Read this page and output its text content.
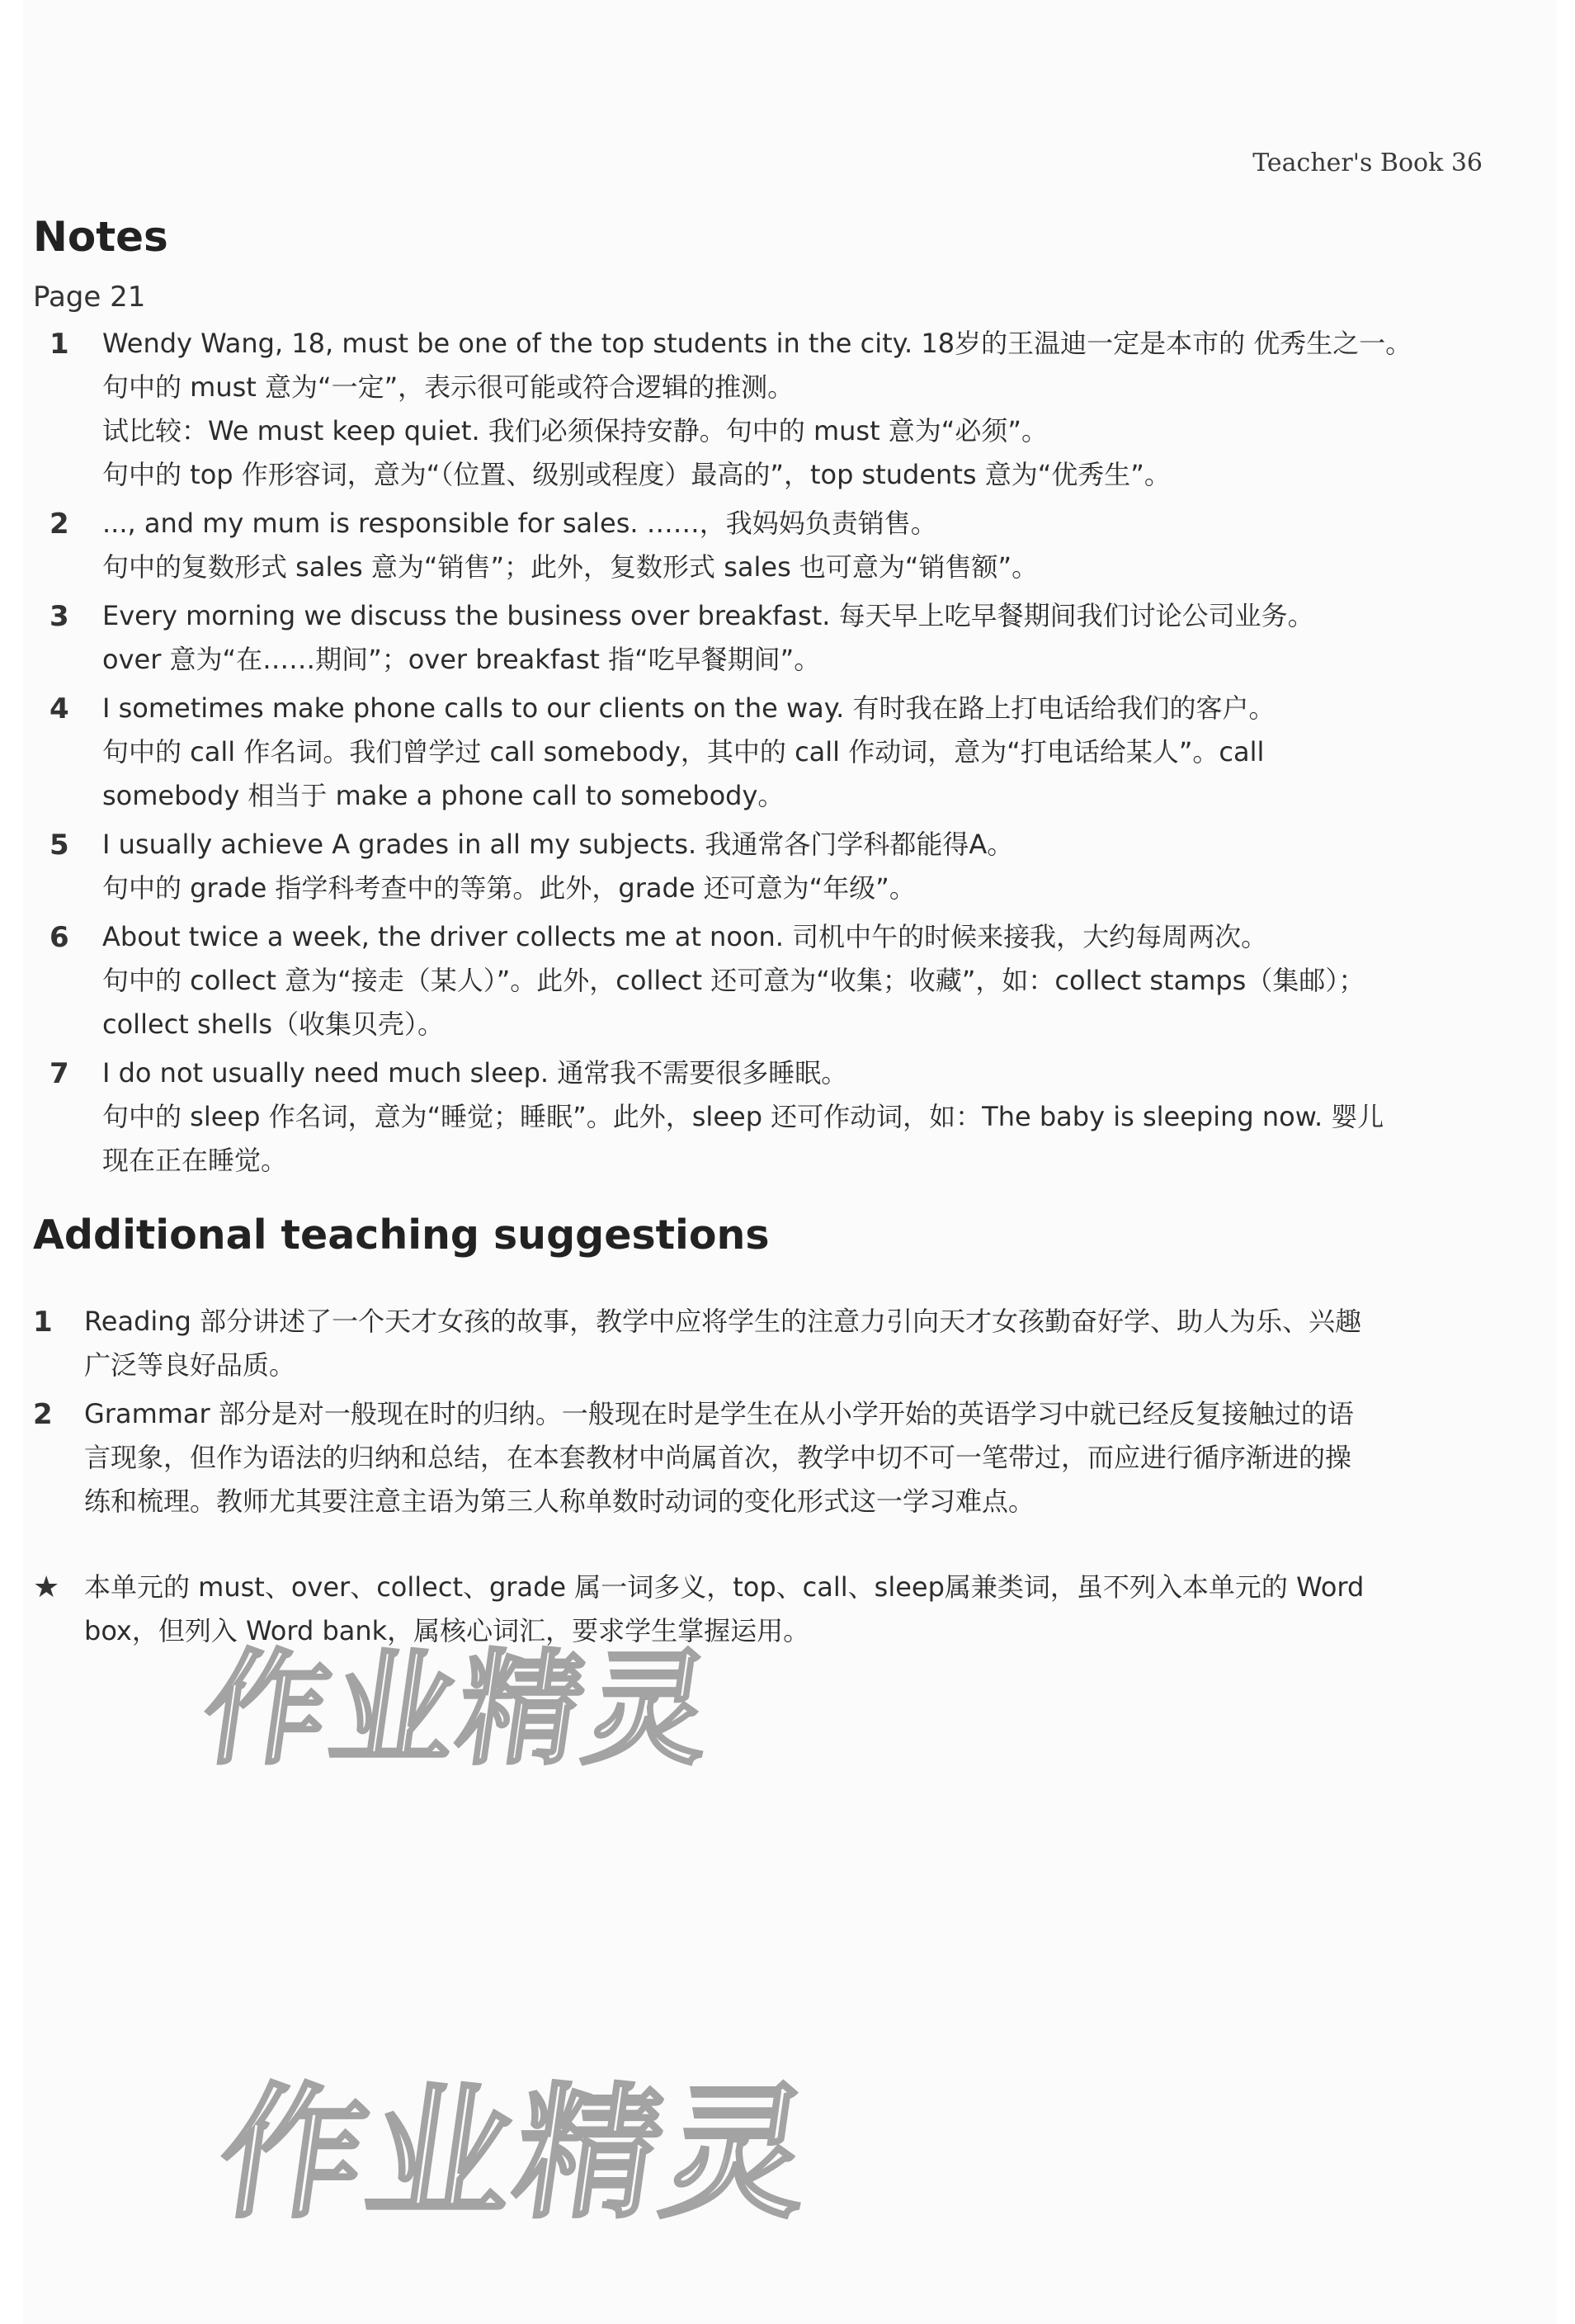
Teacher's Book 36
Notes
Page 21
1 Wendy Wang, 18, must be one of the top students in the city. 18岁的王温迪一定是本市的 优秀生之一。
句中的 must 意为“一定”，表示很可能或符合逻辑的推测。
试比较：We must keep quiet. 我们必须保持安静。句中的 must 意为“必须”。
句中的 top 作形容词，意为“（位置、级别或程度）最高的”，top students 意为“优秀生”。
2 ..., and my mum is responsible for sales. ……，我妈妈负责销售。
句中的复数形式 sales 意为“销售”；此外，复数形式 sales 也可意为“销售额”。
3 Every morning we discuss the business over breakfast. 每天早上吃早餐期间我们讨论公司业务。
over 意为“在……期间”；over breakfast 指“吃早餐期间”。
4 I sometimes make phone calls to our clients on the way. 有时我在路上打电话给我们的客户。
句中的 call 作名词。我们曾学过 call somebody，其中的 call 作动词，意为“打电话给某人”。call
somebody 相当于 make a phone call to somebody。
5 I usually achieve A grades in all my subjects. 我通常各门学科都能得A。
句中的 grade 指学科考查中的等第。此外，grade 还可意为“年级”。
6 About twice a week, the driver collects me at noon. 司机中午的时候来接我，大约每周两次。
句中的 collect 意为“接走（某人）”。此外，collect 还可意为“收集；收藏”，如：collect stamps（集邮）；
collect shells（收集贝壳）。
7 I do not usually need much sleep. 通常我不需要很多睡眠。
句中的 sleep 作名词，意为“睡觉；睡眠”。此外，sleep 还可作动词，如：The baby is sleeping now. 婴儿
现在正在睡觉。
Additional teaching suggestions
1 Reading 部分讲述了一个天才女孩的故事，教学中应将学生的注意力引向天才女孩勤奋好学、助人为乐、兴趣
广泛等良好品质。
2 Grammar 部分是对一般现在时的归纳。一般现在时是学生在从小学开始的英语学习中就已经反复接触过的语
言现象，但作为语法的归纳和总结，在本套教材中尚属首次，教学中切不可一笔带过，而应进行循序渐进的操
练和梳理。教师尤其要注意主语为第三人称单数时动词的变化形式这一学习难点。
★ 本单元的 must、over、collect、grade 属一词多义，top、call、sleep属兼类词，虽不列入本单元的 Word
box，但列入 Word bank，属核心词汇，要求学生掌握运用。
作业精灵
作业精灵
